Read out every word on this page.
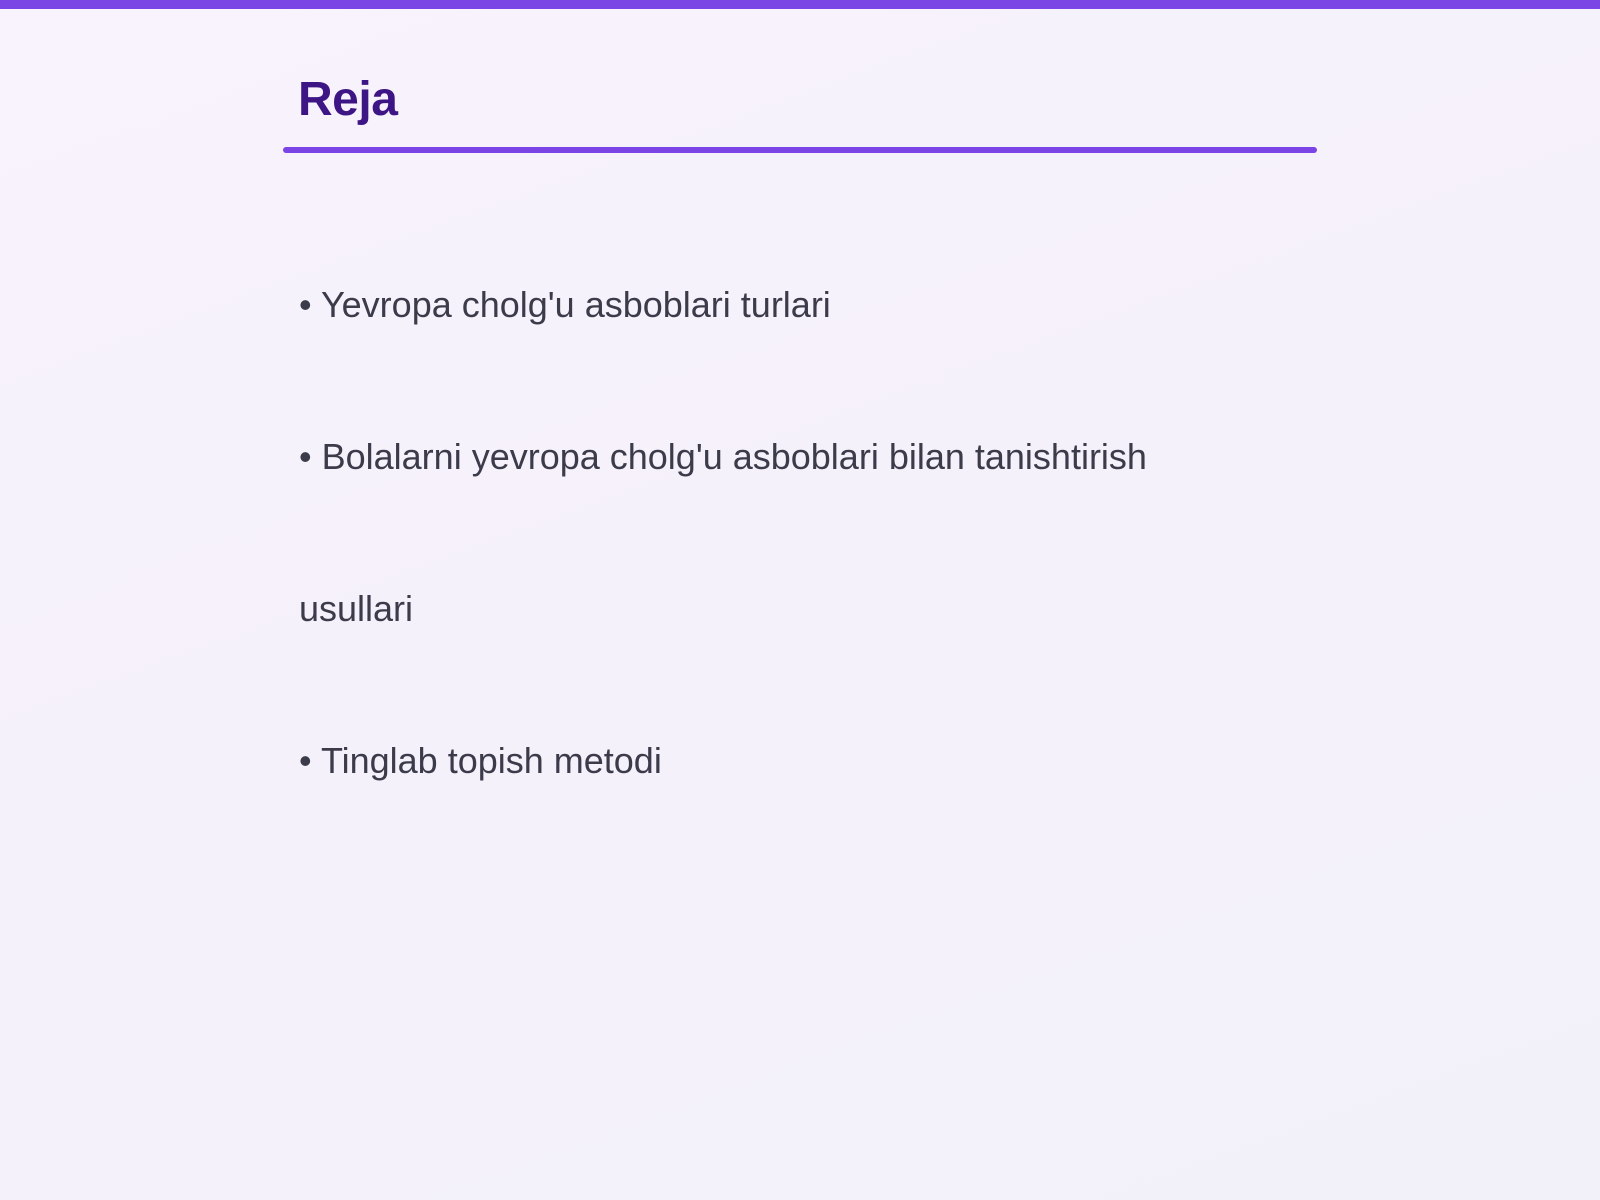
Reja

• Yevropa cholg'u asboblari turlari

• Bolalarni yevropa cholg'u asboblari bilan tanishtirish

usullari

• Tinglab topish metodi
